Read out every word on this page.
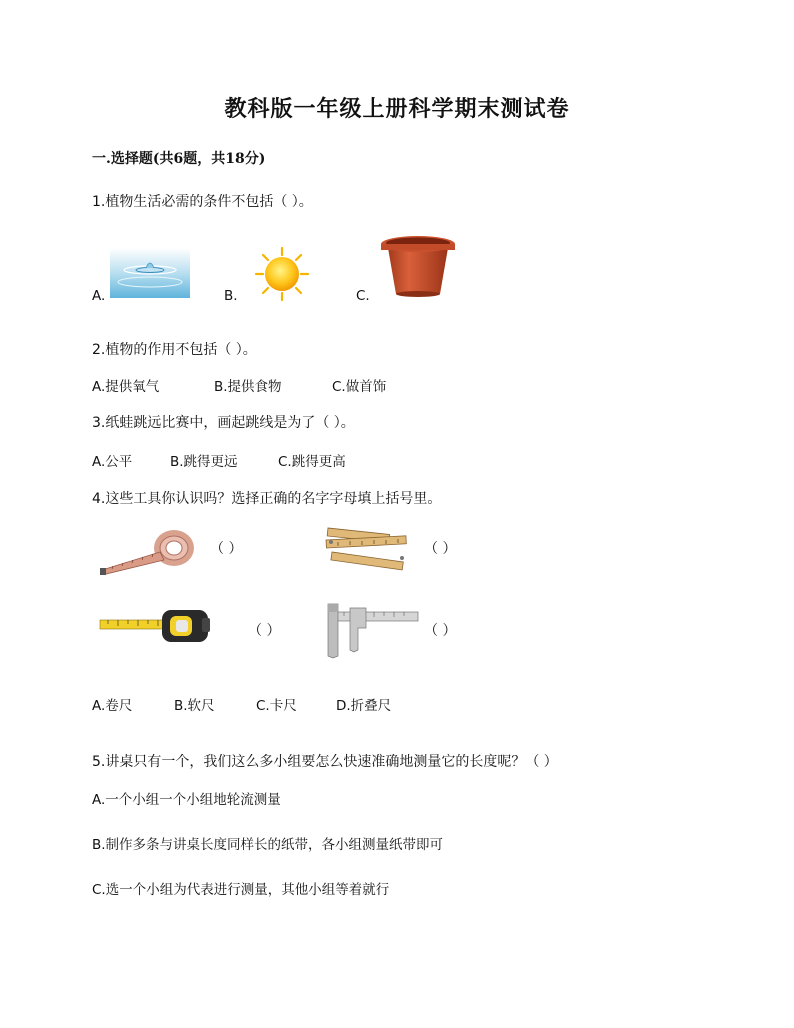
教科版一年级上册科学期末测试卷
一.选择题(共6题，共18分)
1.植物生活必需的条件不包括（ ）。
A.	B.	C.
2.植物的作用不包括（ ）。
A.提供氧气	B.提供食物	C.做首饰
3.纸蛙跳远比赛中，画起跳线是为了（ ）。
A.公平	B.跳得更远	C.跳得更高
4.这些工具你认识吗？选择正确的名字字母填上括号里。
（ ）	（ ）
（ ）	（ ）
A.卷尺	B.软尺	C.卡尺	D.折叠尺
5.讲桌只有一个，我们这么多小组要怎么快速准确地测量它的长度呢？（ ）
A.一个小组一个小组地轮流测量
B.制作多条与讲桌长度同样长的纸带，各小组测量纸带即可
C.选一个小组为代表进行测量，其他小组等着就行
